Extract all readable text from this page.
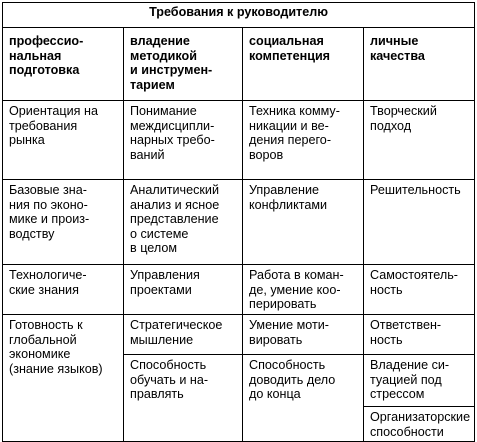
Требования к руководителю			
профессио-
нальная
подготовка	владение
методикой
и инструмен-
тарием	социальная
компетенция	личные
качества
Ориентация на
требования
рынка	Понимание
междисципли-
нарных требо-
ваний	Техника комму-
никации и ве-
дения перего-
воров	Творческий
подход
Базовые зна-
ния по эконо-
мике и произ-
водству	Аналитический
анализ и ясное
представление
о системе
в целом	Управление
конфликтами	Решительность
Технологиче-
ские знания	Управления
проектами	Работа в коман-
де, умение коо-
перировать	Самостоятель-
ность
Готовность к
глобальной
экономике
(знание языков)	Стратегическое
мышление	Умение моти-
вировать	Ответствен-
ность
	Способность
обучать и на-
правлять	Способность
доводить дело
до конца	Владение си-
туацией под
стрессом
			Организаторские
способности
